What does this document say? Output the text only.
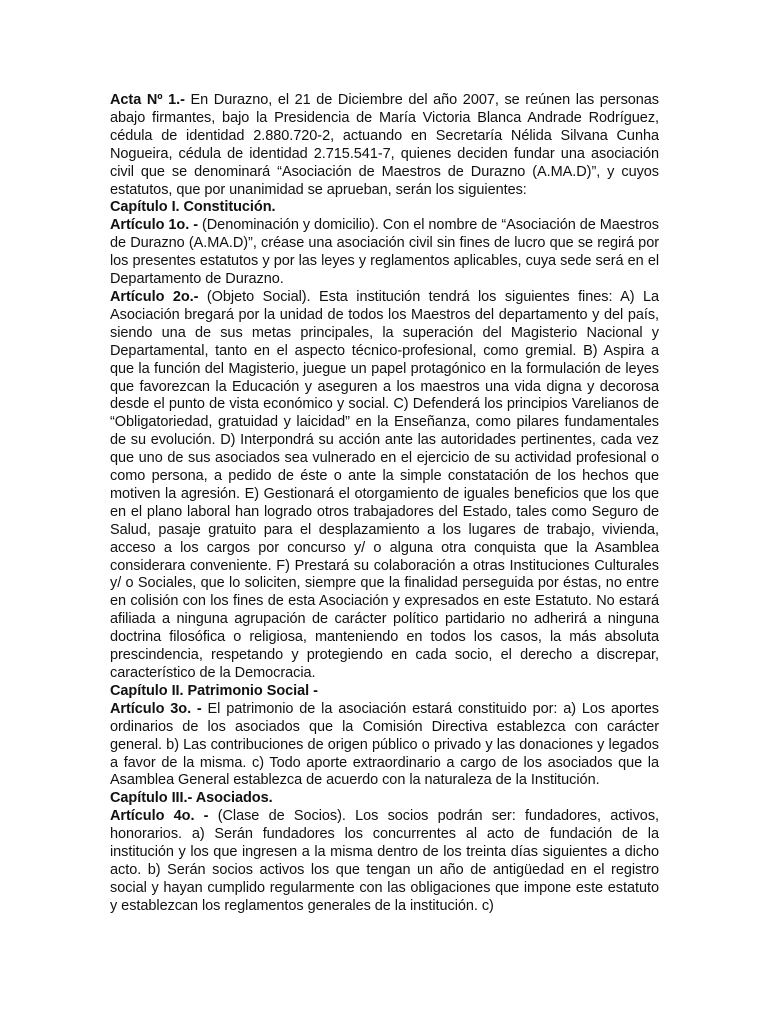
Acta Nº 1.- En Durazno, el 21 de Diciembre del año 2007, se reúnen las personas abajo firmantes, bajo la Presidencia de María Victoria Blanca Andrade Rodríguez, cédula de identidad 2.880.720-2, actuando en Secretaría Nélida Silvana Cunha Nogueira, cédula de identidad 2.715.541-7, quienes deciden fundar una asociación civil que se denominará “Asociación de Maestros de Durazno (A.MA.D)”, y cuyos estatutos, que por unanimidad se aprueban, serán los siguientes:

Capítulo I. Constitución.

Artículo 1o. - (Denominación y domicilio). Con el nombre de “Asociación de Maestros de Durazno (A.MA.D)”, créase una asociación civil sin fines de lucro que se regirá por los presentes estatutos y por las leyes y reglamentos aplicables, cuya sede será en el Departamento de Durazno.

Artículo 2o.- (Objeto Social). Esta institución tendrá los siguientes fines: A) La Asociación bregará por la unidad de todos los Maestros del departamento y del país, siendo una de sus metas principales, la superación del Magisterio Nacional y Departamental, tanto en el aspecto técnico-profesional, como gremial. B) Aspira a que la función del Magisterio, juegue un papel protagónico en la formulación de leyes que favorezcan la Educación y aseguren a los maestros una vida digna y decorosa desde el punto de vista económico y social. C) Defenderá los principios Varelianos de “Obligatoriedad, gratuidad y laicidad” en la Enseñanza, como pilares fundamentales de su evolución. D) Interpondrá su acción ante las autoridades pertinentes, cada vez que uno de sus asociados sea vulnerado en el ejercicio de su actividad profesional o como persona, a pedido de éste o ante la simple constatación de los hechos que motiven la agresión. E) Gestionará el otorgamiento de iguales beneficios que los que en el plano laboral han logrado otros trabajadores del Estado, tales como Seguro de Salud, pasaje gratuito para el desplazamiento a los lugares de trabajo, vivienda, acceso a los cargos por concurso y/ o alguna otra conquista que la Asamblea considerara conveniente. F) Prestará su colaboración a otras Instituciones Culturales y/ o Sociales, que lo soliciten, siempre que la finalidad perseguida por éstas, no entre en colisión con los fines de esta Asociación y expresados en este Estatuto. No estará afiliada a ninguna agrupación de carácter político partidario no adherirá a ninguna doctrina filosófica o religiosa, manteniendo en todos los casos, la más absoluta prescindencia, respetando y protegiendo en cada socio, el derecho a discrepar, característico de la Democracia.

Capítulo II. Patrimonio Social -

Artículo 3o. - El patrimonio de la asociación estará constituido por: a) Los aportes ordinarios de los asociados que la Comisión Directiva establezca con carácter general. b) Las contribuciones de origen público o privado y las donaciones y legados a favor de la misma. c) Todo aporte extraordinario a cargo de los asociados que la Asamblea General establezca de acuerdo con la naturaleza de la Institución.

Capítulo III.- Asociados.

Artículo 4o. - (Clase de Socios). Los socios podrán ser: fundadores, activos, honorarios. a) Serán fundadores los concurrentes al acto de fundación de la institución y los que ingresen a la misma dentro de los treinta días siguientes a dicho acto. b) Serán socios activos los que tengan un año de antigüedad en el registro social y hayan cumplido regularmente con las obligaciones que impone este estatuto y establezcan los reglamentos generales de la institución. c)
